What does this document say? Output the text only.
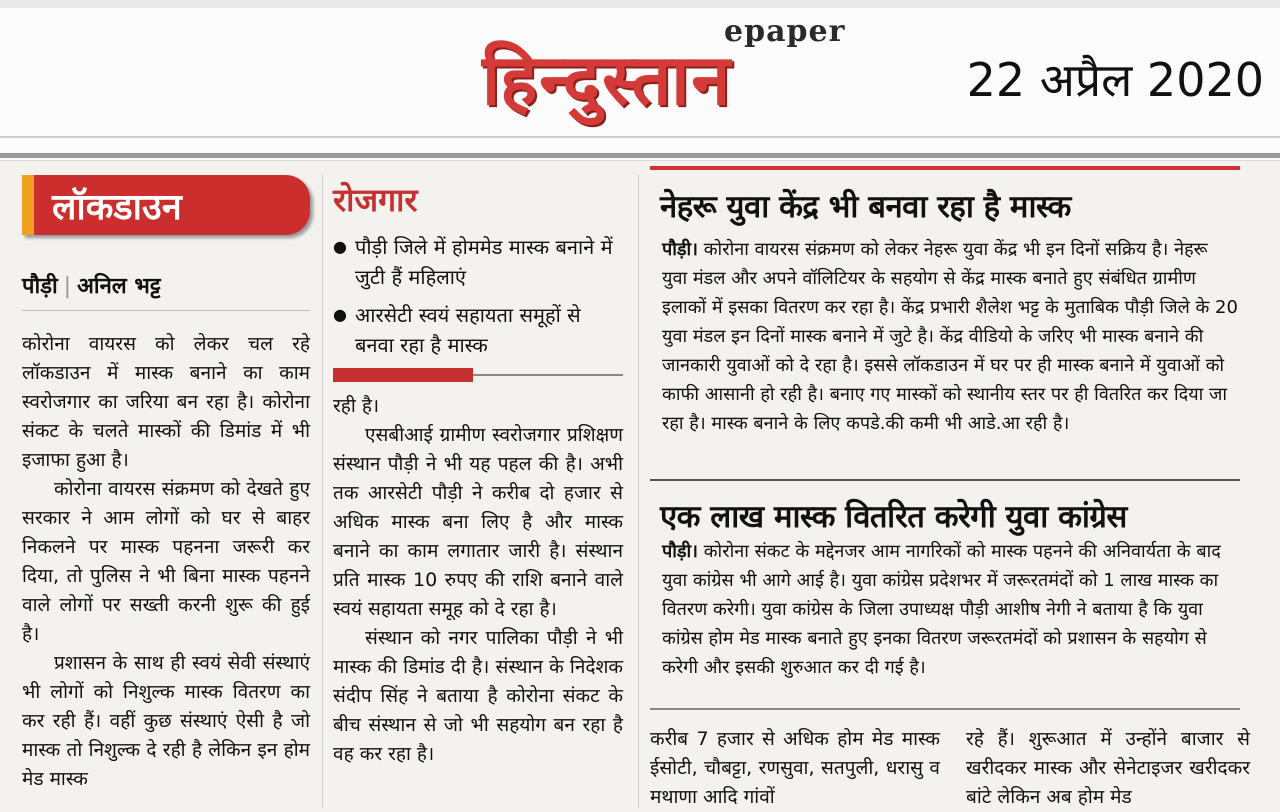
epaper
हिन्दुस्तान	22 अप्रैल 2020
लॉकडाउन
पौड़ी | अनिल भट्ट

कोरोना वायरस को लेकर चल रहे लॉकडाउन में मास्क बनाने का काम स्वरोजगार का जरिया बन रहा है। कोरोना संकट के चलते मास्कों की डिमांड में भी इजाफा हुआ है।

कोरोना वायरस संक्रमण को देखते हुए सरकार ने आम लोगों को घर से बाहर निकलने पर मास्क पहनना जरूरी कर दिया, तो पुलिस ने भी बिना मास्क पहनने वाले लोगों पर सख्ती करनी शुरू की हुई है।

प्रशासन के साथ ही स्वयं सेवी संस्थाएं भी लोगों को निशुल्क मास्क वितरण का कर रही हैं। वहीं कुछ संस्थाएं ऐसी है जो मास्क तो निशुल्क दे रही है लेकिन इन होम मेड मास्क

रोजगार
● पौड़ी जिले में होममेड मास्क बनाने में जुटी हैं महिलाएं
● आरसेटी स्वयं सहायता समूहों से बनवा रहा है मास्क

रही है।

एसबीआई ग्रामीण स्वरोजगार प्रशिक्षण संस्थान पौड़ी ने भी यह पहल की है। अभी तक आरसेटी पौड़ी ने करीब दो हजार से अधिक मास्क बना लिए है और मास्क बनाने का काम लगातार जारी है। संस्थान प्रति मास्क 10 रुपए की राशि बनाने वाले स्वयं सहायता समूह को दे रहा है।

संस्थान को नगर पालिका पौड़ी ने भी मास्क की डिमांड दी है। संस्थान के निदेशक संदीप सिंह ने बताया है कोरोना संकट के बीच संस्थान से जो भी सहयोग बन रहा है वह कर रहा है।

नेहरू युवा केंद्र भी बनवा रहा है मास्क
पौड़ी। कोरोना वायरस संक्रमण को लेकर नेहरू युवा केंद्र भी इन दिनों सक्रिय है। नेहरू युवा मंडल और अपने वॉलिटियर के सहयोग से केंद्र मास्क बनाते हुए संबंधित ग्रामीण इलाकों में इसका वितरण कर रहा है। केंद्र प्रभारी शैलेश भट्ट के मुताबिक पौड़ी जिले के 20 युवा मंडल इन दिनों मास्क बनाने में जुटे है। केंद्र वीडियो के जरिए भी मास्क बनाने की जानकारी युवाओं को दे रहा है। इससे लॉकडाउन में घर पर ही मास्क बनाने में युवाओं को काफी आसानी हो रही है। बनाए गए मास्कों को स्थानीय स्तर पर ही वितरित कर दिया जा रहा है। मास्क बनाने के लिए कपडे.की कमी भी आडे.आ रही है।
एक लाख मास्क वितरित करेगी युवा कांग्रेस
पौड़ी। कोरोना संकट के मद्देनजर आम नागरिकों को मास्क पहनने की अनिवार्यता के बाद युवा कांग्रेस भी आगे आई है। युवा कांग्रेस प्रदेशभर में जरूरतमंदों को 1 लाख मास्क का वितरण करेगी। युवा कांग्रेस के जिला उपाध्यक्ष पौड़ी आशीष नेगी ने बताया है कि युवा कांग्रेस होम मेड मास्क बनाते हुए इनका वितरण जरूरतमंदों को प्रशासन के सहयोग से करेगी और इसकी शुरुआत कर दी गई है।

करीब 7 हजार से अधिक होम मेड मास्क ईसोटी, चौबट्टा, रणसुवा, सतपुली, धरासु व मथाणा आदि गांवों

रहे हैं। शुरूआत में उन्होंने बाजार से खरीदकर मास्क और सेनेटाइजर खरीदकर बांटे लेकिन अब होम मेड
